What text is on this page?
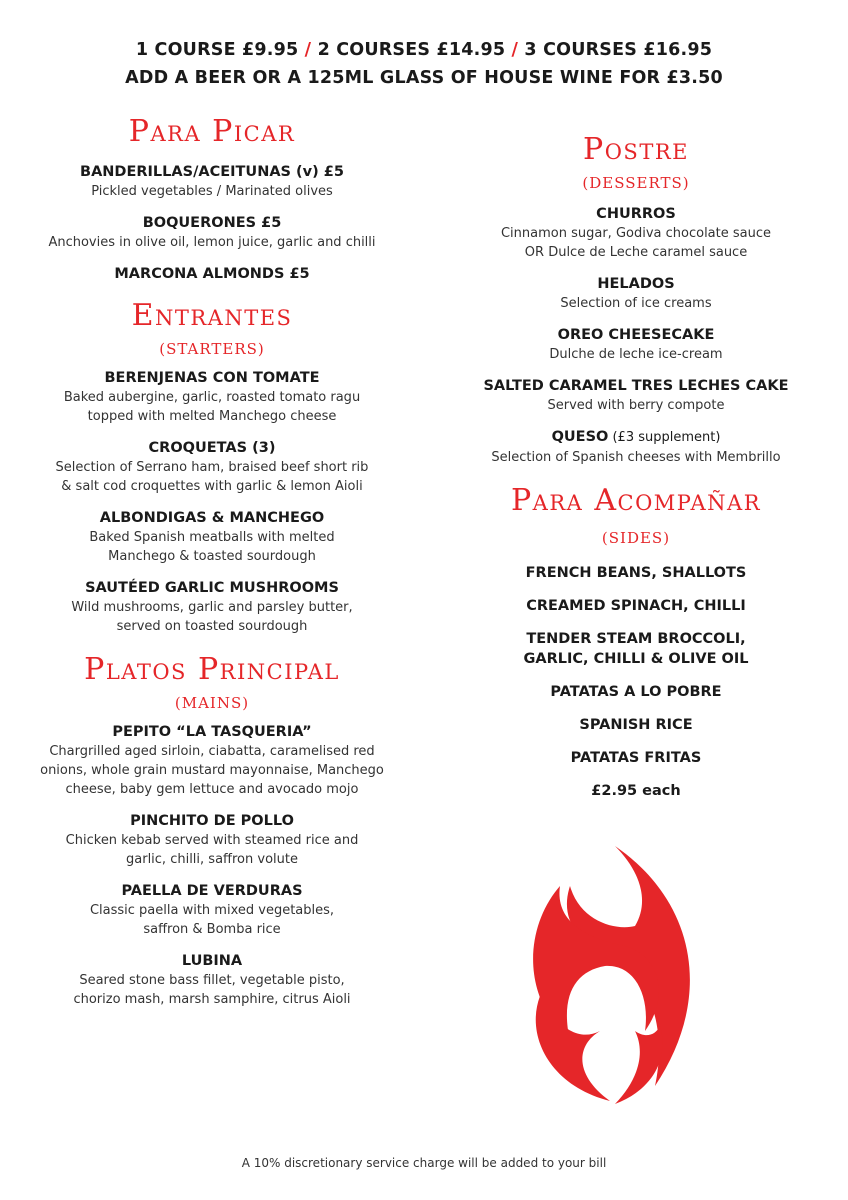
1 COURSE £9.95 / 2 COURSES £14.95 / 3 COURSES £16.95
ADD A BEER OR A 125ML GLASS OF HOUSE WINE FOR £3.50
Para Picar
BANDERILLAS/ACEITUNAS (v) £5
Pickled vegetables / Marinated olives
BOQUERONES £5
Anchovies in olive oil, lemon juice, garlic and chilli
MARCONA ALMONDS £5
Entrantes
(STARTERS)
BERENJENAS CON TOMATE
Baked aubergine, garlic, roasted tomato ragu
topped with melted Manchego cheese
CROQUETAS (3)
Selection of Serrano ham, braised beef short rib
& salt cod croquettes with garlic & lemon Aioli
ALBONDIGAS & MANCHEGO
Baked Spanish meatballs with melted
Manchego & toasted sourdough
SAUTÉED GARLIC MUSHROOMS
Wild mushrooms, garlic and parsley butter,
served on toasted sourdough
Platos Principal
(MAINS)
PEPITO “LA TASQUERIA”
Chargrilled aged sirloin, ciabatta, caramelised red
onions, whole grain mustard mayonnaise, Manchego
cheese, baby gem lettuce and avocado mojo
PINCHITO DE POLLO
Chicken kebab served with steamed rice and
garlic, chilli, saffron volute
PAELLA DE VERDURAS
Classic paella with mixed vegetables,
saffron & Bomba rice
LUBINA
Seared stone bass fillet, vegetable pisto,
chorizo mash, marsh samphire, citrus Aioli
Postre
(DESSERTS)
CHURROS
Cinnamon sugar, Godiva chocolate sauce
OR Dulce de Leche caramel sauce
HELADOS
Selection of ice creams
OREO CHEESECAKE
Dulche de leche ice-cream
SALTED CARAMEL TRES LECHES CAKE
Served with berry compote
QUESO (£3 supplement)
Selection of Spanish cheeses with Membrillo
Para Acompañar
(SIDES)
FRENCH BEANS, SHALLOTS
CREAMED SPINACH, CHILLI
TENDER STEAM BROCCOLI,
GARLIC, CHILLI & OLIVE OIL
PATATAS A LO POBRE
SPANISH RICE
PATATAS FRITAS
£2.95 each
A 10% discretionary service charge will be added to your bill
